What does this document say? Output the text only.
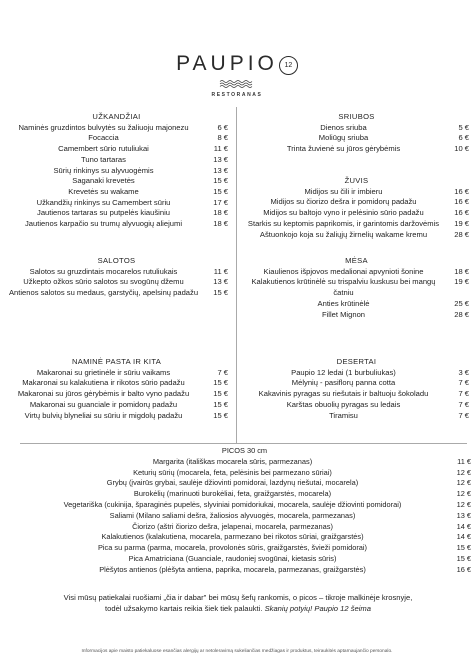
PAUPIO 12
RESTORANAS
UŽKANDŽIAI
Naminės gruzdintos bulvytės su žaliuoju majonezu	6 €
Focaccia	8 €
Camembert sūrio rutuliukai	11 €
Tuno tartaras	13 €
Sūrių rinkinys su alyvuogėmis	13 €
Saganaki krevetės	15 €
Krevetės su wakame	15 €
Užkandžių rinkinys su Camembert sūriu	17 €
Jautienos tartaras su putpelės kiaušiniu	18 €
Jautienos karpačio su trumų alyvuogių aliejumi	18 €
SRIUBOS
Dienos sriuba	5 €
Moliūgų sriuba	6 €
Trinta žuvienė su jūros gėrybėmis	10 €
ŽUVIS
Midijos su čili ir imbieru	16 €
Midijos su čiorizo dešra ir pomidorų padažu	16 €
Midijos su baltojo vyno ir pelėsinio sūrio padažu	16 €
Starkis su keptomis paprikomis, ir garintomis daržovėmis	19 €
Aštuonkojo koja su žaliųjų žirnelių wakame kremu	28 €
SALOTOS
Salotos su gruzdintais mocarelos rutuliukais	11 €
Užkepto ožkos sūrio salotos su svogūnų džemu	13 €
Antienos salotos su medaus, garstyčių, apelsinų padažu	15 €
MĖSA
Kiaulienos išpjovos medalionai apvynioti šonine	18 €
Kalakutienos krūtinėlė su trispalviu kuskusu bei mangų čatniu
19 €
Anties krūtinėlė	25 €
Fillet Mignon	28 €
NAMINĖ PASTA IR KITA
Makaronai su grietinėle ir sūriu vaikams	7 €
Makaronai su kalakutiena ir rikotos sūrio padažu	15 €
Makaronai su jūros gėrybėmis ir balto vyno padažu	15 €
Makaronai su guanciale ir pomidorų padažu	15 €
Virtų bulvių blyneliai su sūriu ir migdolų padažu	15 €
DESERTAI
Paupio 12 ledai (1 burbuliukas)	3 €
Mėlynių - pasiflorų panna cotta	7 €
Kakavinis pyragas su riešutais ir baltuoju šokoladu	7 €
Karštas obuolių pyragas su ledais	7 €
Tiramisu	7 €
PICOS 30 cm
Margarita (itališkas mocarela sūris, parmezanas)	11 €
Keturių sūrių (mocarela, feta, pelėsinis bei parmezano sūriai)	12 €
Grybų (įvairūs grybai, saulėje džiovinti pomidorai, lazdynų riešutai, mocarela)	12 €
Burokėlių (marinuoti burokėliai, feta, graižgarstės, mocarela)	12 €
Vegetariška (cukinija, šparaginės pupelės, slyviniai pomidoriukai, mocarela, saulėje džiovinti pomidorai)	12 €
Saliami (Milano saliami dešra, žaliosios alyvuogės, mocarela, parmezanas)	13 €
Čiorizo (aštri čiorizo dešra, jelapenai, mocarela, parmezanas)	14 €
Kalakutienos (kalakutiena, mocarela, parmezano bei rikotos sūriai, graižgarstės)	14 €
Pica su parma (parma, mocarela, provolonės sūris, graižgarstės, švieži pomidorai)	15 €
Pica Amatriciana (Guanciale, raudoniej svogūnai, kietasis sūris)	15 €
Plėšytos antienos (plėšyta antiena, paprika, mocarela, parmezanas, graižgarstės)	16 €
Visi mūsų patiekalai ruošiami „čia ir dabar" bei mūsų šefų rankomis, o picos – tikroje malkinėje krosnyje, todėl užsakymo kartais reikia šiek tiek palaukti. Skanių potyių! Paupio 12 šeima
Informacijos apie maisto patiekaluose esančias alergijų ar netoleravimą sukeliančias medžiagas ir produktus, teiraukitės aptarnaujančio personalo.
